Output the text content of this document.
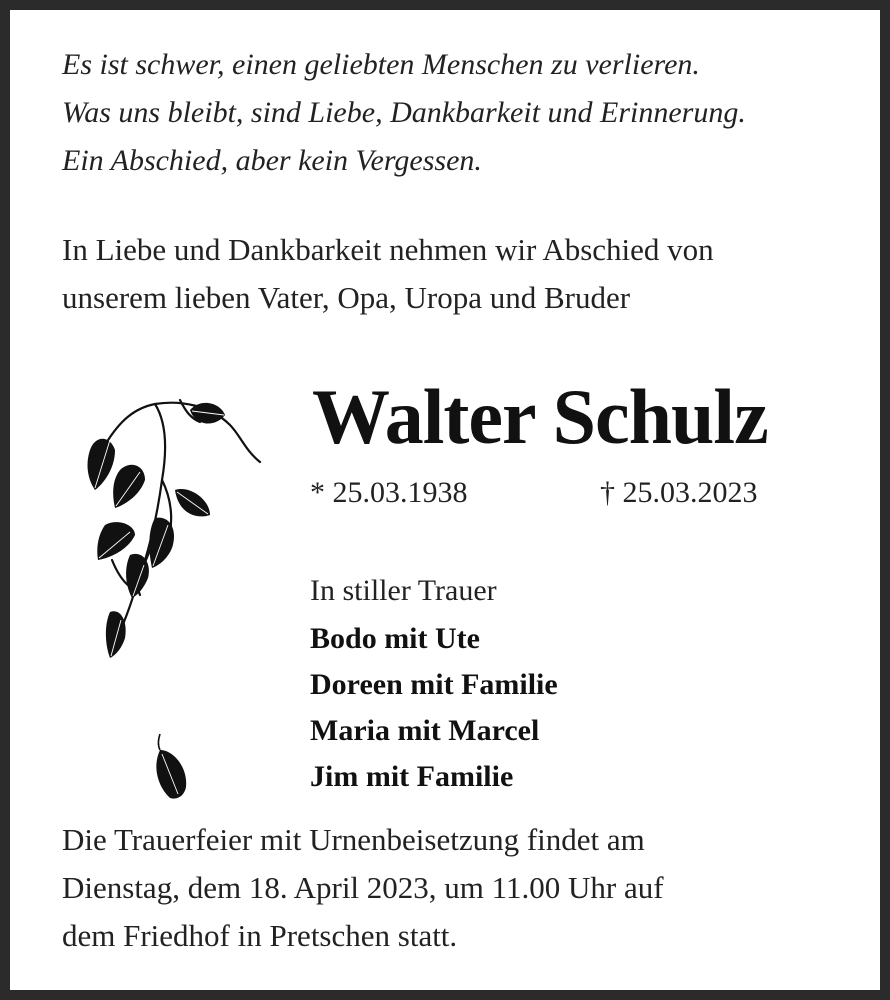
Es ist schwer, einen geliebten Menschen zu verlieren.
Was uns bleibt, sind Liebe, Dankbarkeit und Erinnerung.
Ein Abschied, aber kein Vergessen.
In Liebe und Dankbarkeit nehmen wir Abschied von
unserem lieben Vater, Opa, Uropa und Bruder
Walter Schulz
* 25.03.1938	† 25.03.2023
In stiller Trauer
Bodo mit Ute
Doreen mit Familie
Maria mit Marcel
Jim mit Familie
Die Trauerfeier mit Urnenbeisetzung findet am
Dienstag, dem 18. April 2023, um 11.00 Uhr auf
dem Friedhof in Pretschen statt.
